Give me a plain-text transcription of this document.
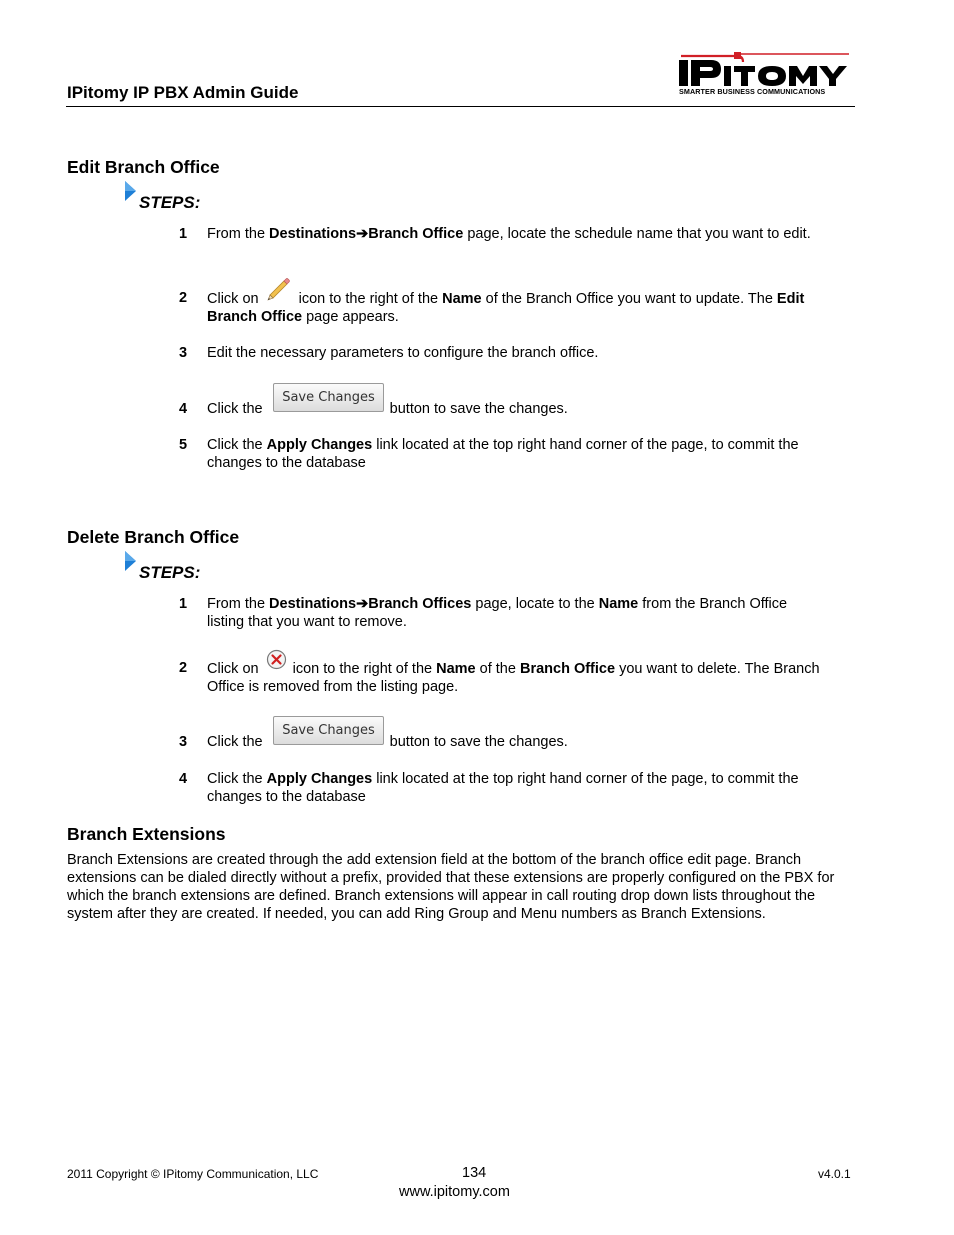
IPitomy IP PBX Admin Guide	SMARTER BUSINESS COMMUNICATIONS
Edit Branch Office
STEPS:
1 From the Destinations➔Branch Office page, locate the schedule name that you want to edit.
2 Click on
icon to the right of the Name of the Branch Office you want to update. The Edit Branch Office page appears.
3 Edit the necessary parameters to configure the branch office.
4 Click the	button to save the changes.
Save Changes
5 Click the Apply Changes link located at the top right hand corner of the page, to commit the changes to the database
Delete Branch Office
STEPS:
1 From the Destinations➔Branch Offices page, locate to the Name from the Branch Office listing that you want to remove.
2 Click on
icon to the right of the Name of the Branch Office you want to delete. The Branch Office is removed from the listing page.
3 Click the	button to save the changes.
Save Changes
4 Click the Apply Changes link located at the top right hand corner of the page, to commit the changes to the database
Branch Extensions
Branch Extensions are created through the add extension field at the bottom of the branch office edit page. Branch extensions can be dialed directly without a prefix, provided that these extensions are properly configured on the PBX for which the branch extensions are defined. Branch extensions will appear in call routing drop down lists throughout the system after they are created. If needed, you can add Ring Group and Menu numbers as Branch Extensions.
2011 Copyright © IPitomy Communication, LLC	134
www.ipitomy.com
v4.0.1
